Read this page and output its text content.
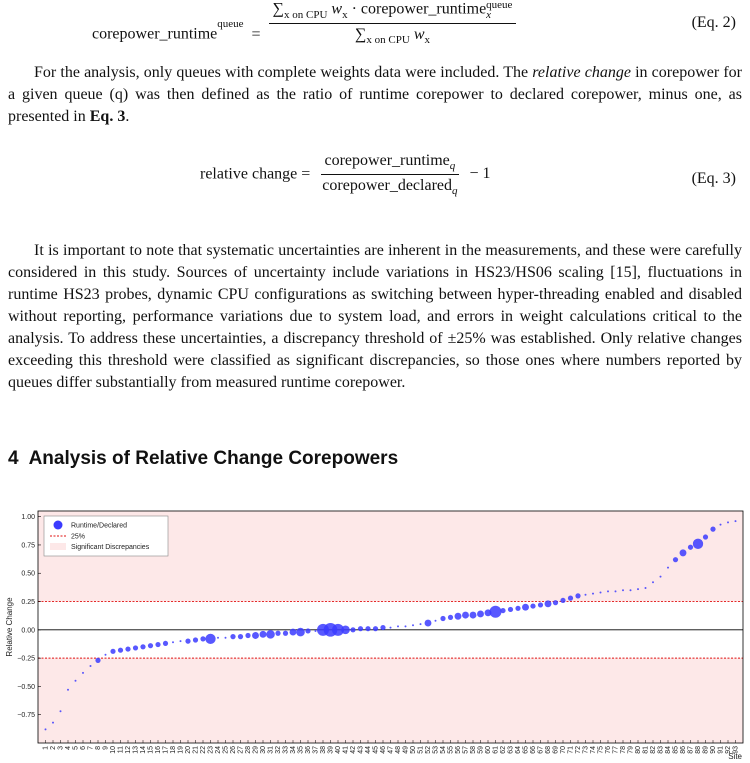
corepower_runtime$^{queue}$ =
$\sum_{x on CPU}$ $w_x$ · corepower_runtime queue
x
$\sum_{x on CPU}$ $w_x$
(Eq. 2)
For the analysis, only queues with complete weights data were included. The relative change in corepower for a given queue (q) was then defined as the ratio of runtime corepower to declared corepower, minus one, as presented in Eq. 3.
relative change = $\frac{corepower\_runtime_q}{corepower\_declared_q} - 1$	(Eq. 3)
It is important to note that systematic uncertainties are inherent in the measurements, and these were carefully considered in this study. Sources of uncertainty include variations in HS23/HS06 scaling [15], fluctuations in runtime HS23 probes, dynamic CPU configurations as switching between hyper-threading enabled and disabled without reporting, performance variations due to system load, and errors in weight calculations critical to the analysis. To address these uncertainties, a discrepancy threshold of ±25% was established. Only relative changes exceeding this threshold were classified as significant discrepancies, so those ones where numbers reported by queues differ substantially from measured runtime corepower.
4 Analysis of Relative Change Corepowers
1.00
0.75
0.50
0.25
0.00
−0.25
−0.50
−0.75
1 2 3 4 5 6 7 8 9 10 11 12 13 14 15 16 17 18 19 20 21 22 23 24 25 26 27 28 29 30 31 32 33 34 35 36 37 38 39 40 41 42 43 44 45 46 47 48 49 50 51 52 53 54 55 56 57 58 59 60 61 62 63 64 65 66 67 68 69 70 71 72 73 74 75 76 77 78 79 80 81 82 83 84 85 86 87 88 89 90 91 92 93
Relative Change
Site
Runtime/Declared
25%
Significant Discrepancies
